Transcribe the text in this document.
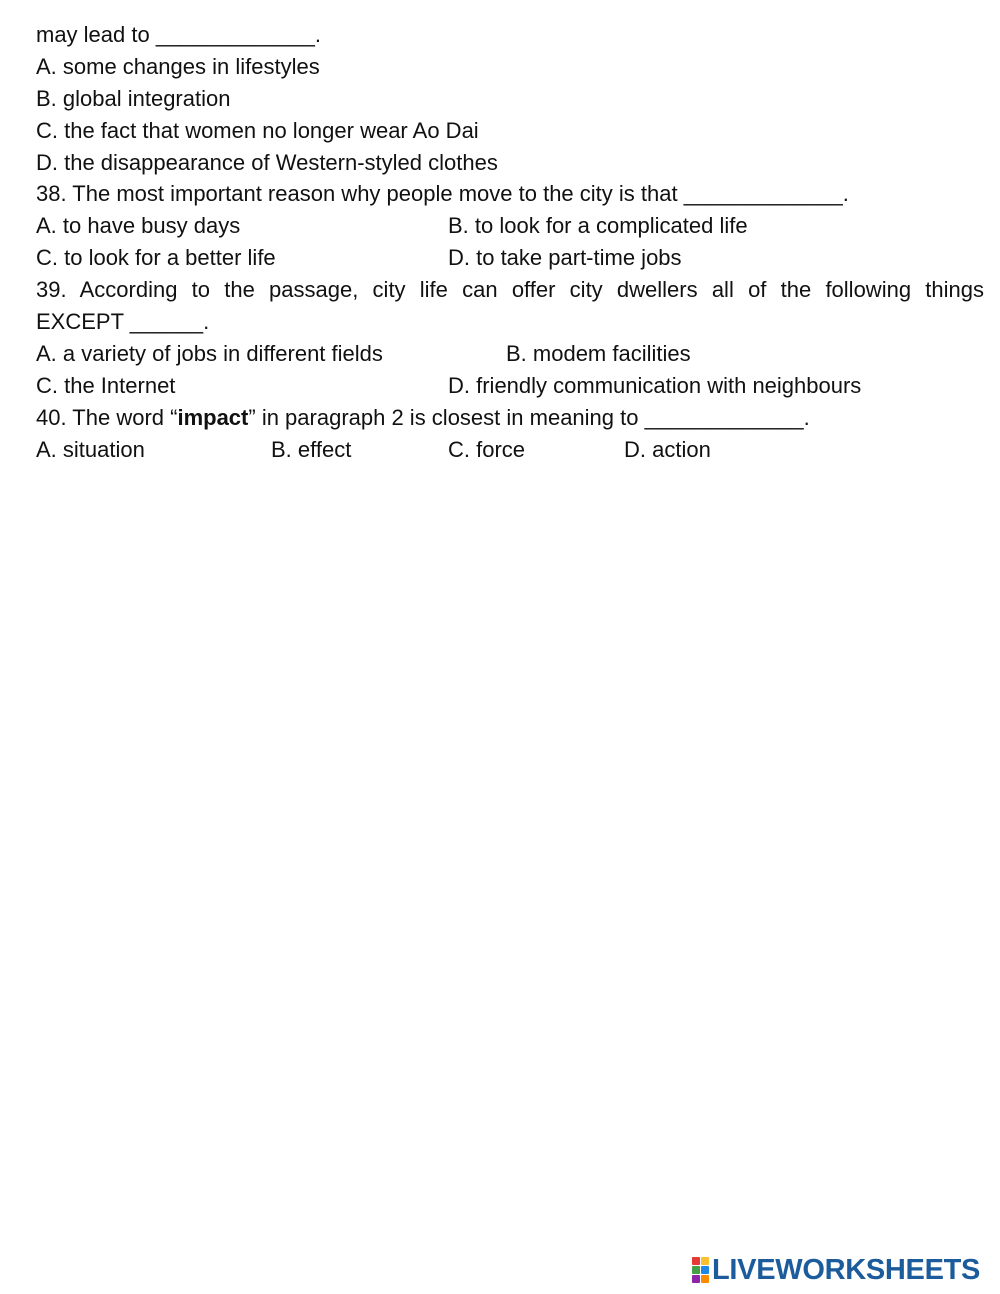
may lead to _____________.
A. some changes in lifestyles
B. global integration
C. the fact that women no longer wear Ao Dai
D. the disappearance of Western-styled clothes
38. The most important reason why people move to the city is that _____________.
A. to have busy days	B. to look for a complicated life
C. to look for a better life	D. to take part-time jobs
39. According to the passage, city life can offer city dwellers all of the following things
EXCEPT ______.
A. a variety of jobs in different fields	B. modem facilities
C. the Internet	D. friendly communication with neighbours
40. The word “impact” in paragraph 2 is closest in meaning to _____________.
A. situation	B. effect	C. force	D. action
LIVEWORKSHEETS
